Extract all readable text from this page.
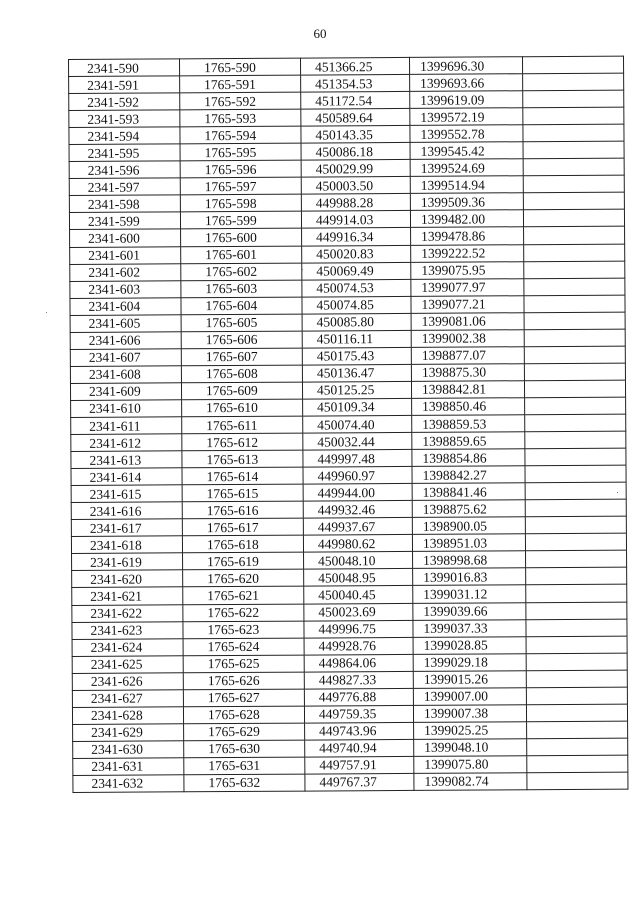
60
2341-590	1765-590	451366.25	1399696.30	
2341-591	1765-591	451354.53	1399693.66	
2341-592	1765-592	451172.54	1399619.09	
2341-593	1765-593	450589.64	1399572.19	
2341-594	1765-594	450143.35	1399552.78	
2341-595	1765-595	450086.18	1399545.42	
2341-596	1765-596	450029.99	1399524.69	
2341-597	1765-597	450003.50	1399514.94	
2341-598	1765-598	449988.28	1399509.36	
2341-599	1765-599	449914.03	1399482.00	
2341-600	1765-600	449916.34	1399478.86	
2341-601	1765-601	450020.83	1399222.52	
2341-602	1765-602	450069.49	1399075.95	
2341-603	1765-603	450074.53	1399077.97	
2341-604	1765-604	450074.85	1399077.21	
2341-605	1765-605	450085.80	1399081.06	
2341-606	1765-606	450116.11	1399002.38	
2341-607	1765-607	450175.43	1398877.07	
2341-608	1765-608	450136.47	1398875.30	
2341-609	1765-609	450125.25	1398842.81	
2341-610	1765-610	450109.34	1398850.46	
2341-611	1765-611	450074.40	1398859.53	
2341-612	1765-612	450032.44	1398859.65	
2341-613	1765-613	449997.48	1398854.86	
2341-614	1765-614	449960.97	1398842.27	
2341-615	1765-615	449944.00	1398841.46	
2341-616	1765-616	449932.46	1398875.62	
2341-617	1765-617	449937.67	1398900.05	
2341-618	1765-618	449980.62	1398951.03	
2341-619	1765-619	450048.10	1398998.68	
2341-620	1765-620	450048.95	1399016.83	
2341-621	1765-621	450040.45	1399031.12	
2341-622	1765-622	450023.69	1399039.66	
2341-623	1765-623	449996.75	1399037.33	
2341-624	1765-624	449928.76	1399028.85	
2341-625	1765-625	449864.06	1399029.18	
2341-626	1765-626	449827.33	1399015.26	
2341-627	1765-627	449776.88	1399007.00	
2341-628	1765-628	449759.35	1399007.38	
2341-629	1765-629	449743.96	1399025.25	
2341-630	1765-630	449740.94	1399048.10	
2341-631	1765-631	449757.91	1399075.80	
2341-632	1765-632	449767.37	1399082.74	
